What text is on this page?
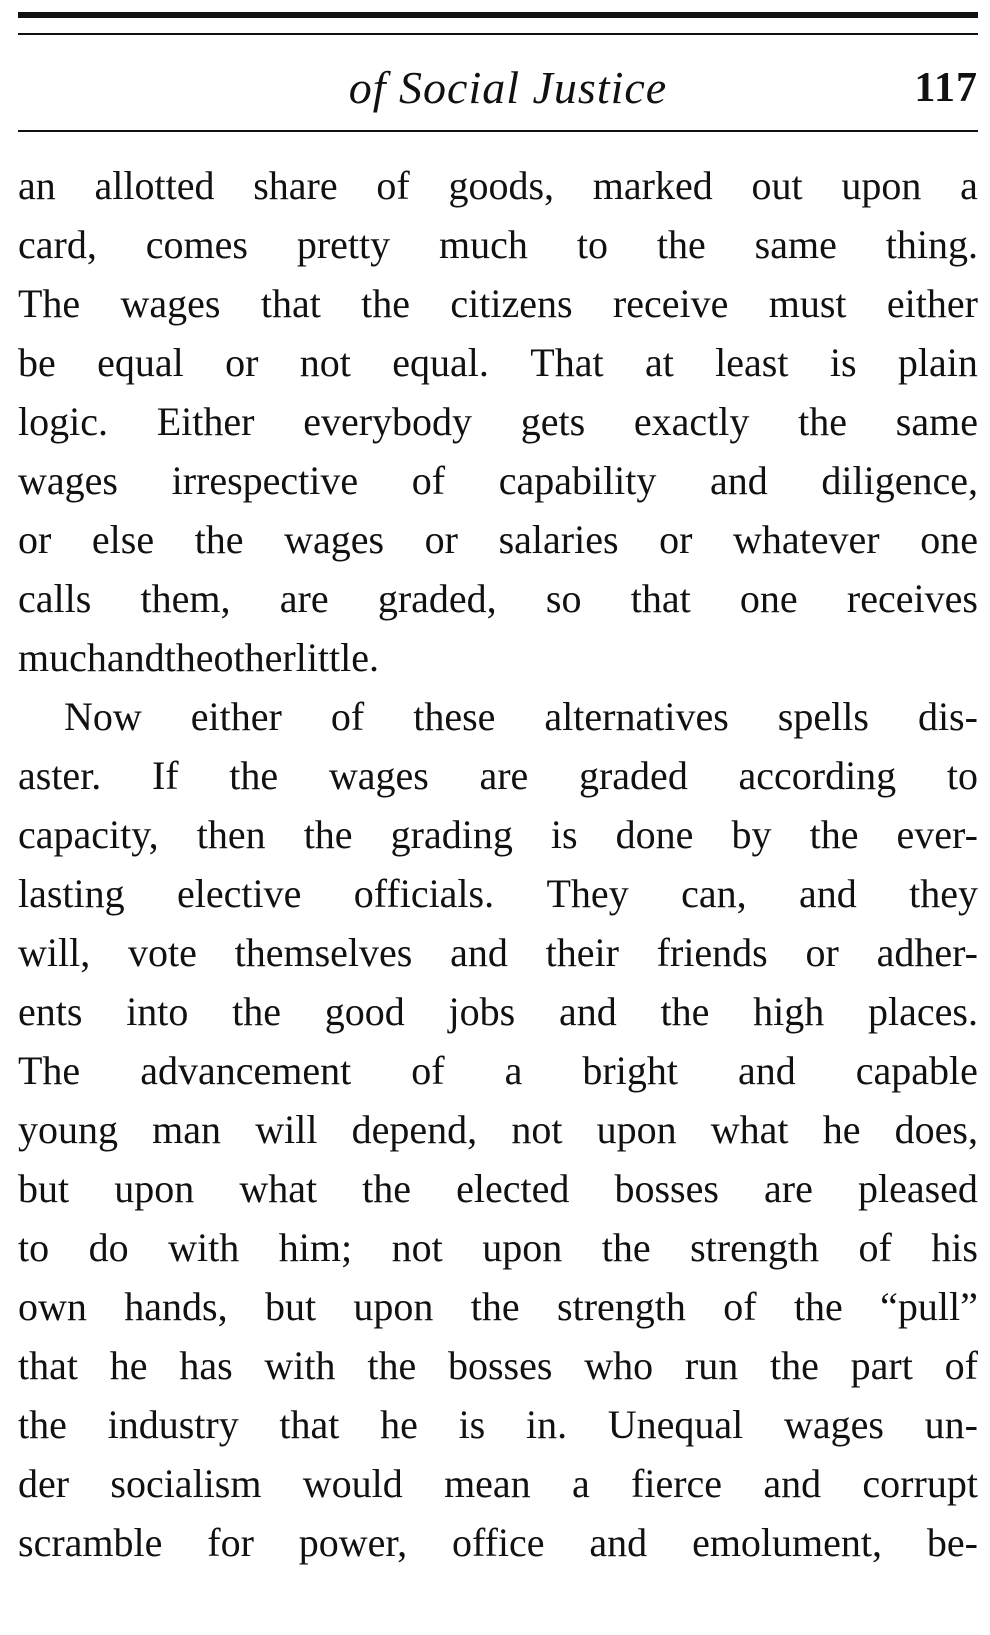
of Social Justice	117
an allotted share of goods, marked out upon a
card, comes pretty much to the same thing.
The wages that the citizens receive must either
be equal or not equal. That at least is plain
logic. Either everybody gets exactly the same
wages irrespective of capability and diligence,
or else the wages or salaries or whatever one
calls them, are graded, so that one receives
much and the other little.
Now either of these alternatives spells dis-
aster. If the wages are graded according to
capacity, then the grading is done by the ever-
lasting elective officials. They can, and they
will, vote themselves and their friends or adher-
ents into the good jobs and the high places.
The advancement of a bright and capable
young man will depend, not upon what he does,
but upon what the elected bosses are pleased
to do with him; not upon the strength of his
own hands, but upon the strength of the “pull”
that he has with the bosses who run the part of
the industry that he is in. Unequal wages un-
der socialism would mean a fierce and corrupt
scramble for power, office and emolument, be-
